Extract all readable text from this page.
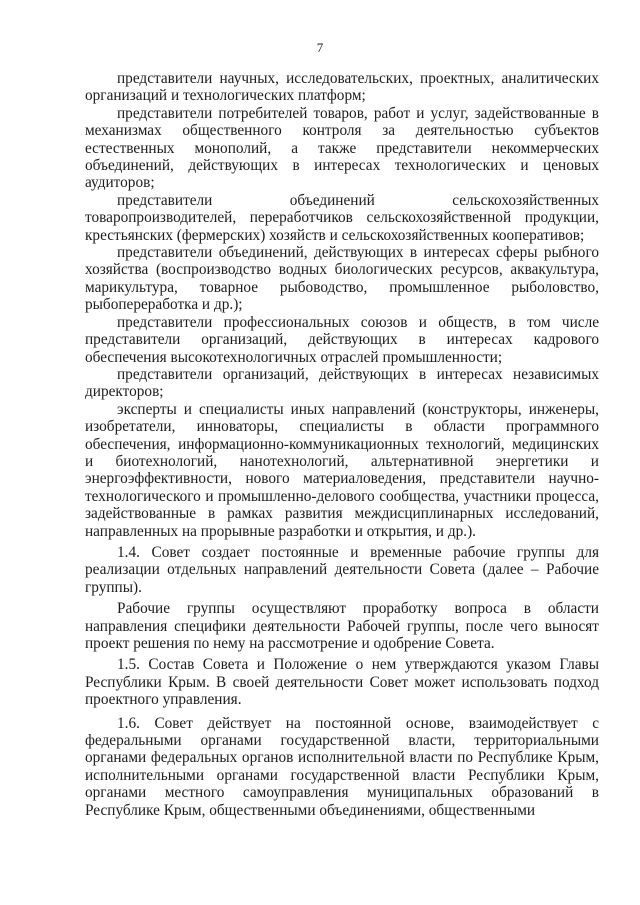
7

представители научных, исследовательских, проектных, аналитических организаций и технологических платформ;

представители потребителей товаров, работ и услуг, задействованные в механизмах общественного контроля за деятельностью субъектов естественных монополий, а также представители некоммерческих объединений, действующих в интересах технологических и ценовых аудиторов;

представители объединений сельскохозяйственных товаропроизводителей, переработчиков сельскохозяйственной продукции, крестьянских (фермерских) хозяйств и сельскохозяйственных кооперативов;

представители объединений, действующих в интересах сферы рыбного хозяйства (воспроизводство водных биологических ресурсов, аквакультура, марикультура, товарное рыбоводство, промышленное рыболовство, рыбопереработка и др.);

представители профессиональных союзов и обществ, в том числе представители организаций, действующих в интересах кадрового обеспечения высокотехнологичных отраслей промышленности;

представители организаций, действующих в интересах независимых директоров;

эксперты и специалисты иных направлений (конструкторы, инженеры, изобретатели, инноваторы, специалисты в области программного обеспечения, информационно-коммуникационных технологий, медицинских и биотехнологий, нанотехнологий, альтернативной энергетики и энергоэффективности, нового материаловедения, представители научно-технологического и промышленно-делового сообщества, участники процесса, задействованные в рамках развития междисциплинарных исследований, направленных на прорывные разработки и открытия, и др.).

1.4. Совет создает постоянные и временные рабочие группы для реализации отдельных направлений деятельности Совета (далее – Рабочие группы).

Рабочие группы осуществляют проработку вопроса в области направления специфики деятельности Рабочей группы, после чего выносят проект решения по нему на рассмотрение и одобрение Совета.

1.5. Состав Совета и Положение о нем утверждаются указом Главы Республики Крым. В своей деятельности Совет может использовать подход проектного управления.

1.6. Совет действует на постоянной основе, взаимодействует с федеральными органами государственной власти, территориальными органами федеральных органов исполнительной власти по Республике Крым, исполнительными органами государственной власти Республики Крым, органами местного самоуправления муниципальных образований в Республике Крым, общественными объединениями, общественными
